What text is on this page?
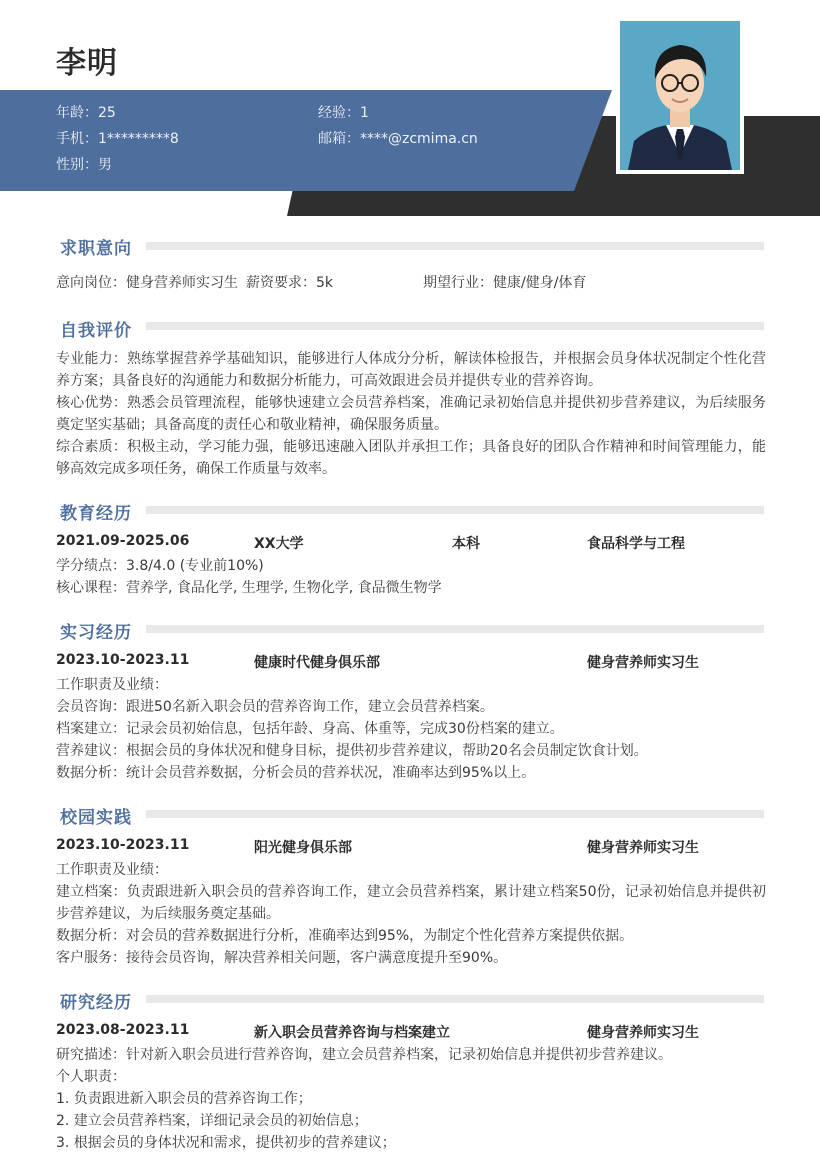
李明
年龄：25	经验：1
手机：1*********8	邮箱：****@zcmima.cn
性别：男
求职意向
意向岗位：健身营养师实习生 薪资要求：5k	期望行业：健康/健身/体育
自我评价
专业能力：熟练掌握营养学基础知识，能够进行人体成分分析，解读体检报告，并根据会员身体状况制定个性化营养方案；具备良好的沟通能力和数据分析能力，可高效跟进会员并提供专业的营养咨询。
核心优势：熟悉会员管理流程，能够快速建立会员营养档案，准确记录初始信息并提供初步营养建议，为后续服务奠定坚实基础；具备高度的责任心和敬业精神，确保服务质量。
综合素质：积极主动，学习能力强，能够迅速融入团队并承担工作；具备良好的团队合作精神和时间管理能力，能够高效完成多项任务，确保工作质量与效率。
教育经历
2021.09-2025.06	XX大学	本科	食品科学与工程
学分绩点：3.8/4.0 (专业前10%)
核心课程：营养学, 食品化学, 生理学, 生物化学, 食品微生物学
实习经历
2023.10-2023.11	健康时代健身俱乐部	健身营养师实习生
工作职责及业绩：
会员咨询：跟进50名新入职会员的营养咨询工作，建立会员营养档案。
档案建立：记录会员初始信息，包括年龄、身高、体重等，完成30份档案的建立。
营养建议：根据会员的身体状况和健身目标，提供初步营养建议，帮助20名会员制定饮食计划。
数据分析：统计会员营养数据，分析会员的营养状况，准确率达到95%以上。
校园实践
2023.10-2023.11	阳光健身俱乐部	健身营养师实习生
工作职责及业绩：
建立档案：负责跟进新入职会员的营养咨询工作，建立会员营养档案，累计建立档案50份，记录初始信息并提供初步营养建议，为后续服务奠定基础。
数据分析：对会员的营养数据进行分析，准确率达到95%，为制定个性化营养方案提供依据。
客户服务：接待会员咨询，解决营养相关问题，客户满意度提升至90%。
研究经历
2023.08-2023.11	新入职会员营养咨询与档案建立	健身营养师实习生
研究描述：针对新入职会员进行营养咨询，建立会员营养档案，记录初始信息并提供初步营养建议。
个人职责：
1. 负责跟进新入职会员的营养咨询工作；
2. 建立会员营养档案，详细记录会员的初始信息；
3. 根据会员的身体状况和需求，提供初步的营养建议；
